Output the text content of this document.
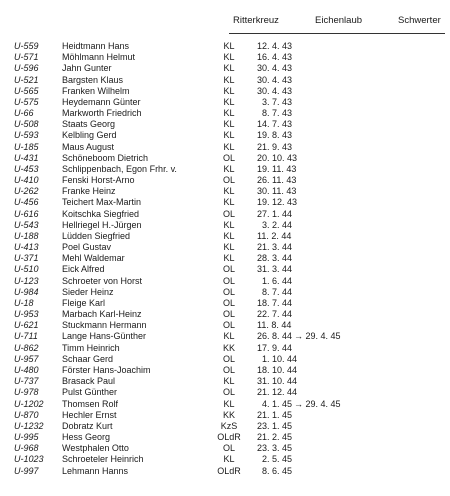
Ritterkreuz	Eichenlaub	Schwerter
U-559	Heidtmann Hans	KL	12. 4. 43
U-571	Möhlmann Helmut	KL	16. 4. 43
U-596	Jahn Gunter	KL	30. 4. 43
U-521	Bargsten Klaus	KL	30. 4. 43
U-565	Franken Wilhelm	KL	30. 4. 43
U-575	Heydemann Günter	KL	3. 7. 43
U-66	Markworth Friedrich	KL	8. 7. 43
U-508	Staats Georg	KL	14. 7. 43
U-593	Kelbling Gerd	KL	19. 8. 43
U-185	Maus August	KL	21. 9. 43
U-431	Schöneboom Dietrich	OL	20. 10. 43
U-453	Schlippenbach, Egon Frhr. v.	KL	19. 11. 43
U-410	Fenski Horst-Arno	OL	26. 11. 43
U-262	Franke Heinz	KL	30. 11. 43
U-456	Teichert Max-Martin	KL	19. 12. 43
U-616	Koitschka Siegfried	OL	27. 1. 44
U-543	Hellriegel H.-Jürgen	KL	3. 2. 44
U-188	Lüdden Siegfried	KL	11. 2. 44
U-413	Poel Gustav	KL	21. 3. 44
U-371	Mehl Waldemar	KL	28. 3. 44
U-510	Eick Alfred	OL	31. 3. 44
U-123	Schroeter von Horst	OL	1. 6. 44
U-984	Sieder Heinz	OL	8. 7. 44
U-18	Fleige Karl	OL	18. 7. 44
U-953	Marbach Karl-Heinz	OL	22. 7. 44
U-621	Stuckmann Hermann	OL	11. 8. 44
U-711	Lange Hans-Günther	KL	26. 8. 44 → 29. 4. 45
U-862	Timm Heinrich	KK	17. 9. 44
U-957	Schaar Gerd	OL	1. 10. 44
U-480	Förster Hans-Joachim	OL	18. 10. 44
U-737	Brasack Paul	KL	31. 10. 44
U-978	Pulst Günther	OL	21. 12. 44
U-1202 Thomsen Rolf	KL	4. 1. 45 → 29. 4. 45
U-870	Hechler Ernst	KK	21. 1. 45
U-1232 Dobratz Kurt	KzS	23. 1. 45
U-995	Hess Georg	OLdR	21. 2. 45
U-968	Westphalen Otto	OL	23. 3. 45
U-1023 Schroeteler Heinrich	KL	2. 5. 45
U-997	Lehmann Hanns	OLdR	8. 6. 45
